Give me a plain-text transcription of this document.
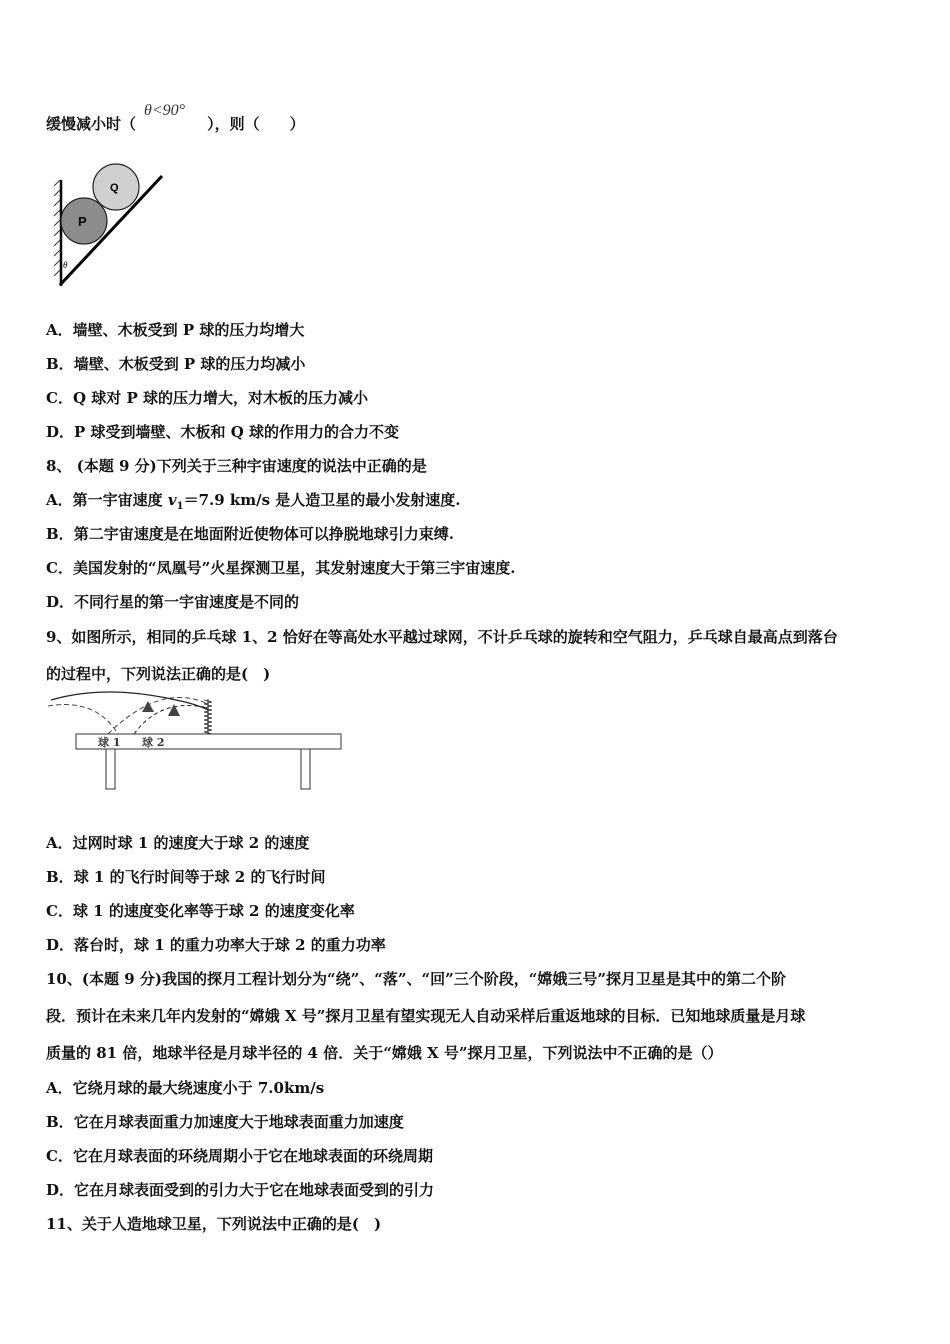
缓慢减小时（θ<90°），则（　　）
P
Q
θ
A．墙壁、木板受到 P 球的压力均增大
B．墙壁、木板受到 P 球的压力均减小
C．Q 球对 P 球的压力增大，对木板的压力减小
D．P 球受到墙壁、木板和 Q 球的作用力的合力不变
8、 (本题 9 分)下列关于三种宇宙速度的说法中正确的是
A．第一宇宙速度 $v_1=7.9$ km/s 是人造卫星的最小发射速度.
B．第二宇宙速度是在地面附近使物体可以挣脱地球引力束缚.
C．美国发射的“凤凰号”火星探测卫星，其发射速度大于第三宇宙速度.
D．不同行星的第一宇宙速度是不同的
9、如图所示，相同的乒乓球 1、2 恰好在等高处水平越过球网，不计乒乓球的旋转和空气阻力，乒乓球自最高点到落台
的过程中，下列说法正确的是(　)
球 1 球 2
A．过网时球 1 的速度大于球 2 的速度
B．球 1 的飞行时间等于球 2 的飞行时间
C．球 1 的速度变化率等于球 2 的速度变化率
D．落台时，球 1 的重力功率大于球 2 的重力功率
10、(本题 9 分)我国的探月工程计划分为“绕”、“落”、“回”三个阶段，“嫦娥三号”探月卫星是其中的第二个阶
段．预计在未来几年内发射的“嫦娥 X 号”探月卫星有望实现无人自动采样后重返地球的目标．已知地球质量是月球
质量的 81 倍，地球半径是月球半径的 4 倍．关于“嫦娥 X 号”探月卫星，下列说法中不正确的是（）
A．它绕月球的最大绕速度小于 7.0km/s
B．它在月球表面重力加速度大于地球表面重力加速度
C．它在月球表面的环绕周期小于它在地球表面的环绕周期
D．它在月球表面受到的引力大于它在地球表面受到的引力
11、关于人造地球卫星，下列说法中正确的是(　)
